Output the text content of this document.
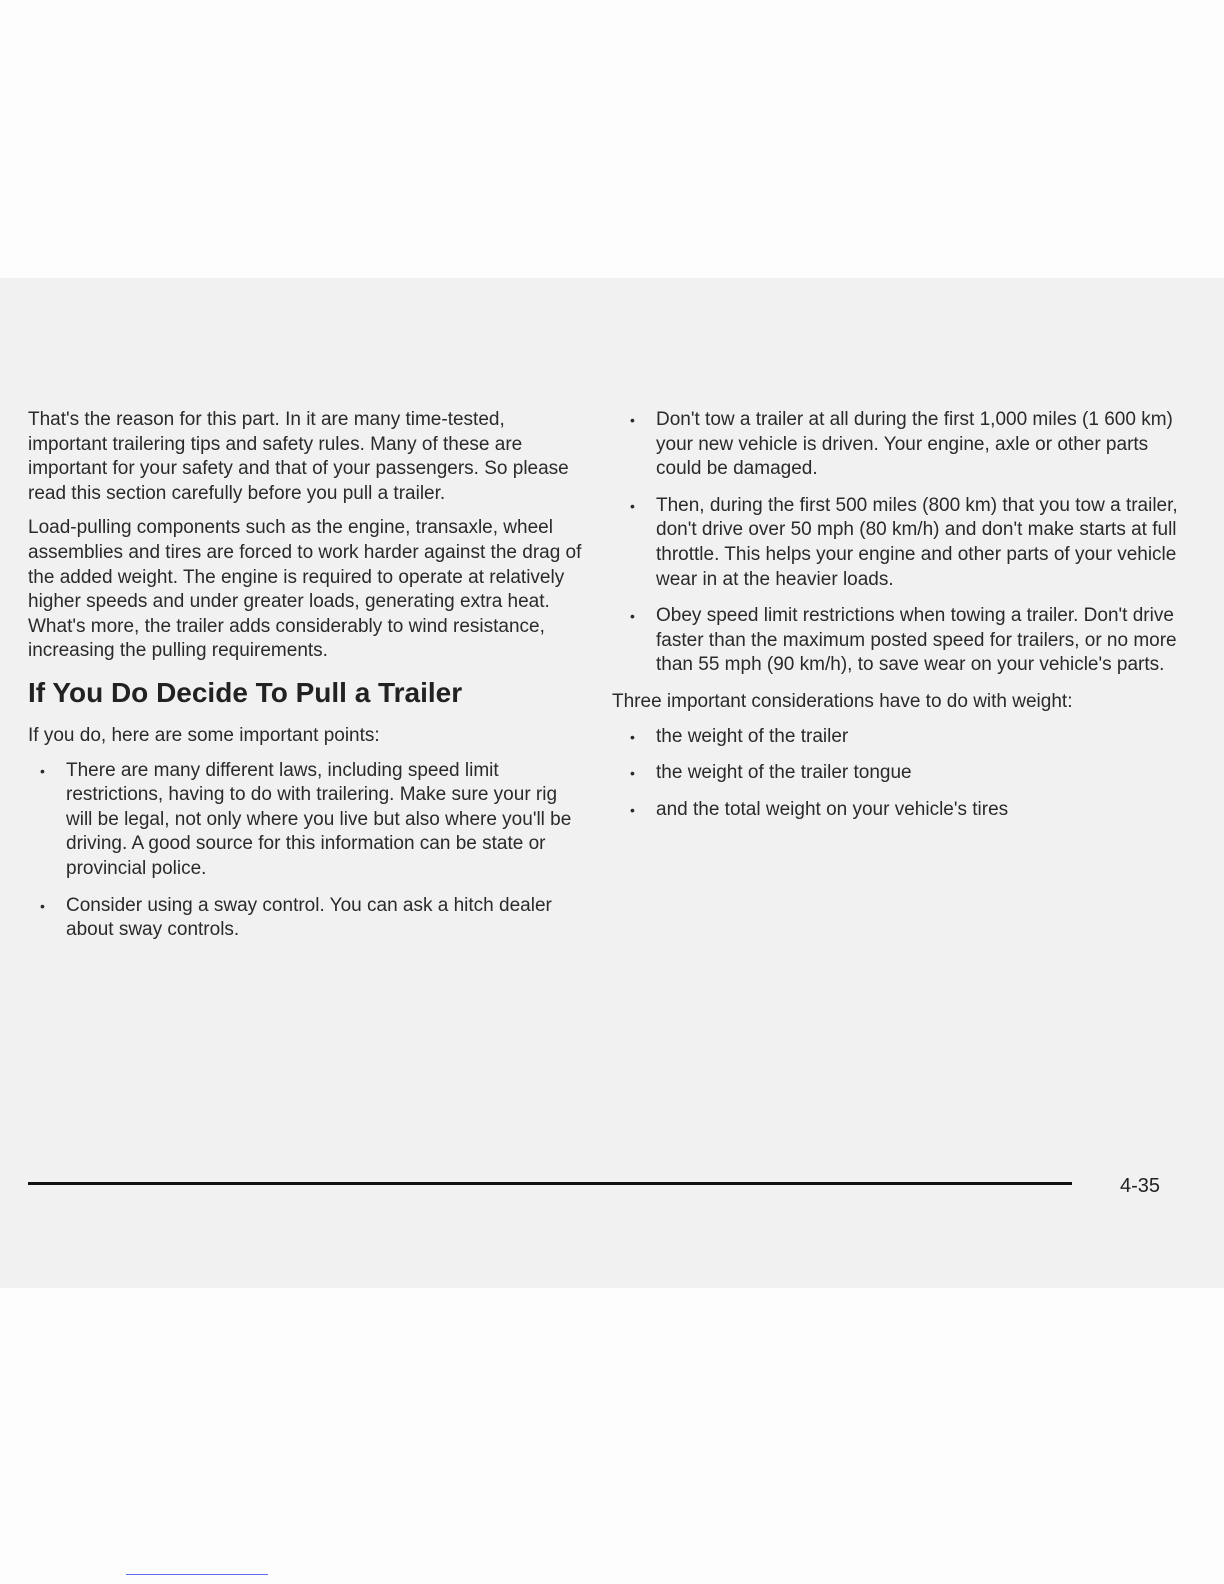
That's the reason for this part. In it are many time-tested, important trailering tips and safety rules. Many of these are important for your safety and that of your passengers. So please read this section carefully before you pull a trailer.

Load-pulling components such as the engine, transaxle, wheel assemblies and tires are forced to work harder against the drag of the added weight. The engine is required to operate at relatively higher speeds and under greater loads, generating extra heat. What's more, the trailer adds considerably to wind resistance, increasing the pulling requirements.

If You Do Decide To Pull a Trailer

If you do, here are some important points:

• There are many different laws, including speed limit restrictions, having to do with trailering. Make sure your rig will be legal, not only where you live but also where you'll be driving. A good source for this information can be state or provincial police.
• Consider using a sway control. You can ask a hitch dealer about sway controls.
• Don't tow a trailer at all during the first 1,000 miles (1 600 km) your new vehicle is driven. Your engine, axle or other parts could be damaged.
• Then, during the first 500 miles (800 km) that you tow a trailer, don't drive over 50 mph (80 km/h) and don't make starts at full throttle. This helps your engine and other parts of your vehicle wear in at the heavier loads.
• Obey speed limit restrictions when towing a trailer. Don't drive faster than the maximum posted speed for trailers, or no more than 55 mph (90 km/h), to save wear on your vehicle's parts.

Three important considerations have to do with weight:

• the weight of the trailer
• the weight of the trailer tongue
• and the total weight on your vehicle's tires
4-35
